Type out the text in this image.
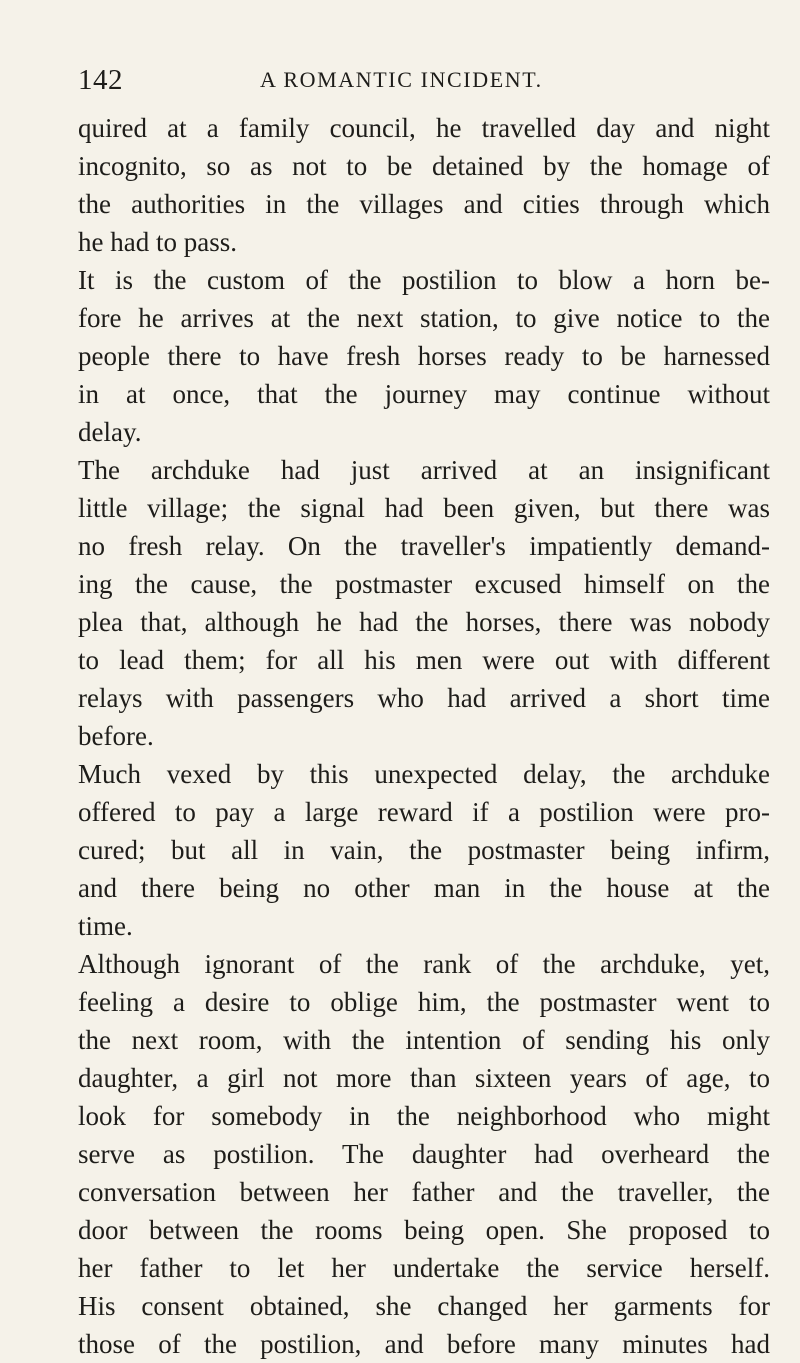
142	A ROMANTIC INCIDENT.
quired at a family council, he travelled day and night
incognito, so as not to be detained by the homage of
the authorities in the villages and cities through which
he had to pass.
It is the custom of the postilion to blow a horn be-
fore he arrives at the next station, to give notice to the
people there to have fresh horses ready to be harnessed
in at once, that the journey may continue without
delay.
The archduke had just arrived at an insignificant
little village; the signal had been given, but there was
no fresh relay. On the traveller's impatiently demand-
ing the cause, the postmaster excused himself on the
plea that, although he had the horses, there was nobody
to lead them; for all his men were out with different
relays with passengers who had arrived a short time
before.
Much vexed by this unexpected delay, the archduke
offered to pay a large reward if a postilion were pro-
cured; but all in vain, the postmaster being infirm,
and there being no other man in the house at the
time.
Although ignorant of the rank of the archduke, yet,
feeling a desire to oblige him, the postmaster went to
the next room, with the intention of sending his only
daughter, a girl not more than sixteen years of age, to
look for somebody in the neighborhood who might
serve as postilion. The daughter had overheard the
conversation between her father and the traveller, the
door between the rooms being open. She proposed to
her father to let her undertake the service herself.
His consent obtained, she changed her garments for
those of the postilion, and before many minutes had
